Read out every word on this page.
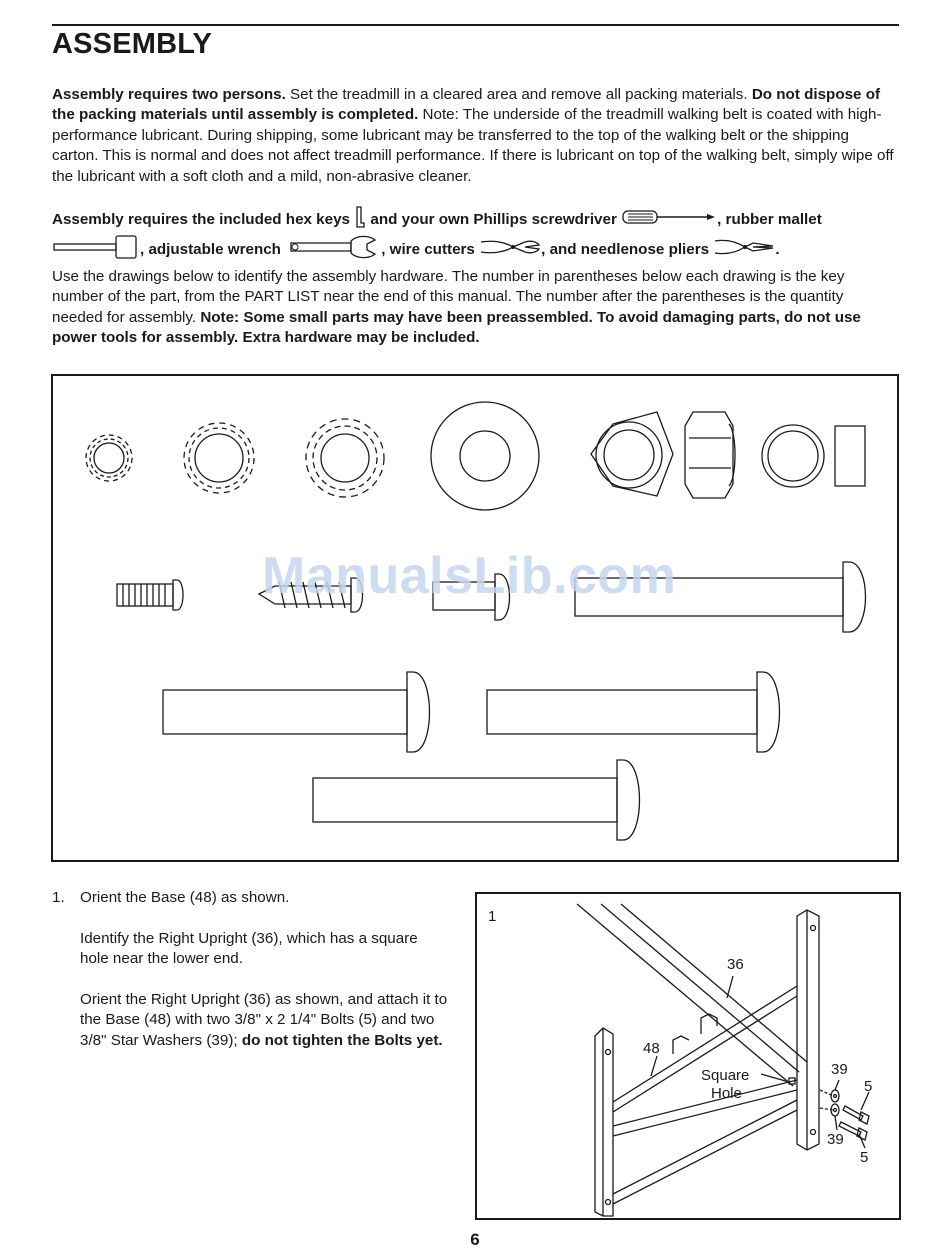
ASSEMBLY

Assembly requires two persons. Set the treadmill in a cleared area and remove all packing materials. Do not dispose of the packing materials until assembly is completed. Note: The underside of the treadmill walking belt is coated with high-performance lubricant. During shipping, some lubricant may be transferred to the top of the walking belt or the shipping carton. This is normal and does not affect treadmill performance. If there is lubricant on top of the walking belt, simply wipe off the lubricant with a soft cloth and a mild, non-abrasive cleaner.

Assembly requires the included hex keys  and your own Phillips screwdriver	, rubber mallet , adjustable wrench	, wire cutters	, and needlenose pliers	.

Use the drawings below to identify the assembly hardware. The number in parentheses below each drawing is the key number of the part, from the PART LIST near the end of this manual. The number after the parentheses is the quantity needed for assembly. Note: Some small parts may have been preassembled. To avoid damaging parts, do not use power tools for assembly. Extra hardware may be included.

ManualsLib.com
1. Orient the Base (48) as shown.

Identify the Right Upright (36), which has a square hole near the lower end.

Orient the Right Upright (36) as shown, and attach it to the Base (48) with two 3/8" x 2 1/4" Bolts (5) and two 3/8" Star Washers (39); do not tighten the Bolts yet.

1
36
48
Square
Hole
39
5
39
5
6
